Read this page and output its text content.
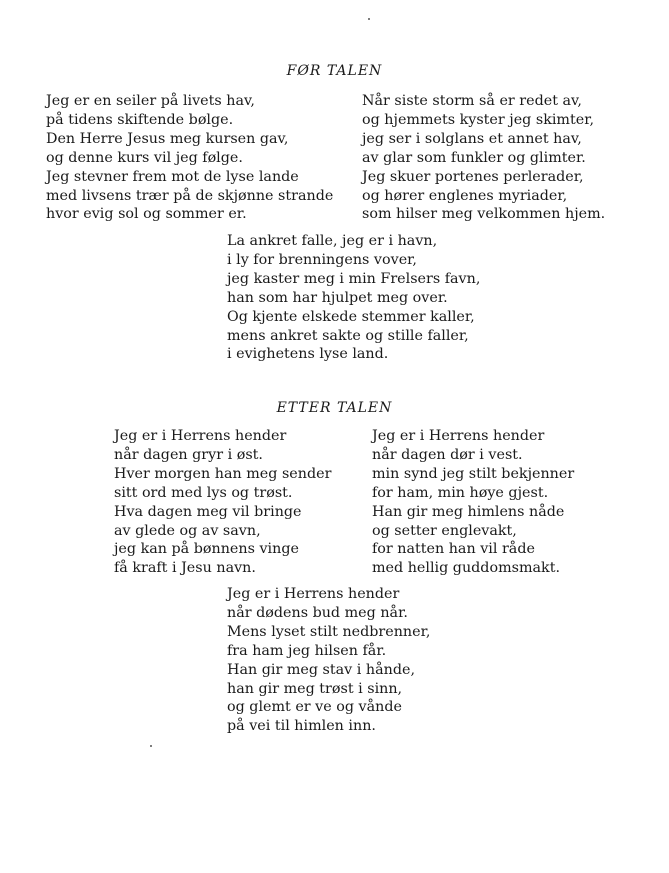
FØR TALEN
Jeg er en seiler på livets hav,
på tidens skiftende bølge.
Den Herre Jesus meg kursen gav,
og denne kurs vil jeg følge.
Jeg stevner frem mot de lyse lande
med livsens trær på de skjønne strande
hvor evig sol og sommer er.
Når siste storm så er redet av,
og hjemmets kyster jeg skimter,
jeg ser i solglans et annet hav,
av glar som funkler og glimter.
Jeg skuer portenes perlerader,
og hører englenes myriader,
som hilser meg velkommen hjem.
La ankret falle, jeg er i havn,
i ly for brenningens vover,
jeg kaster meg i min Frelsers favn,
han som har hjulpet meg over.
Og kjente elskede stemmer kaller,
mens ankret sakte og stille faller,
i evighetens lyse land.
ETTER TALEN
Jeg er i Herrens hender
når dagen gryr i øst.
Hver morgen han meg sender
sitt ord med lys og trøst.
Hva dagen meg vil bringe
av glede og av savn,
jeg kan på bønnens vinge
få kraft i Jesu navn.
Jeg er i Herrens hender
når dagen dør i vest.
min synd jeg stilt bekjenner
for ham, min høye gjest.
Han gir meg himlens nåde
og setter englevakt,
for natten han vil råde
med hellig guddomsmakt.
Jeg er i Herrens hender
når dødens bud meg når.
Mens lyset stilt nedbrenner,
fra ham jeg hilsen får.
Han gir meg stav i hånde,
han gir meg trøst i sinn,
og glemt er ve og vånde
på vei til himlen inn.
